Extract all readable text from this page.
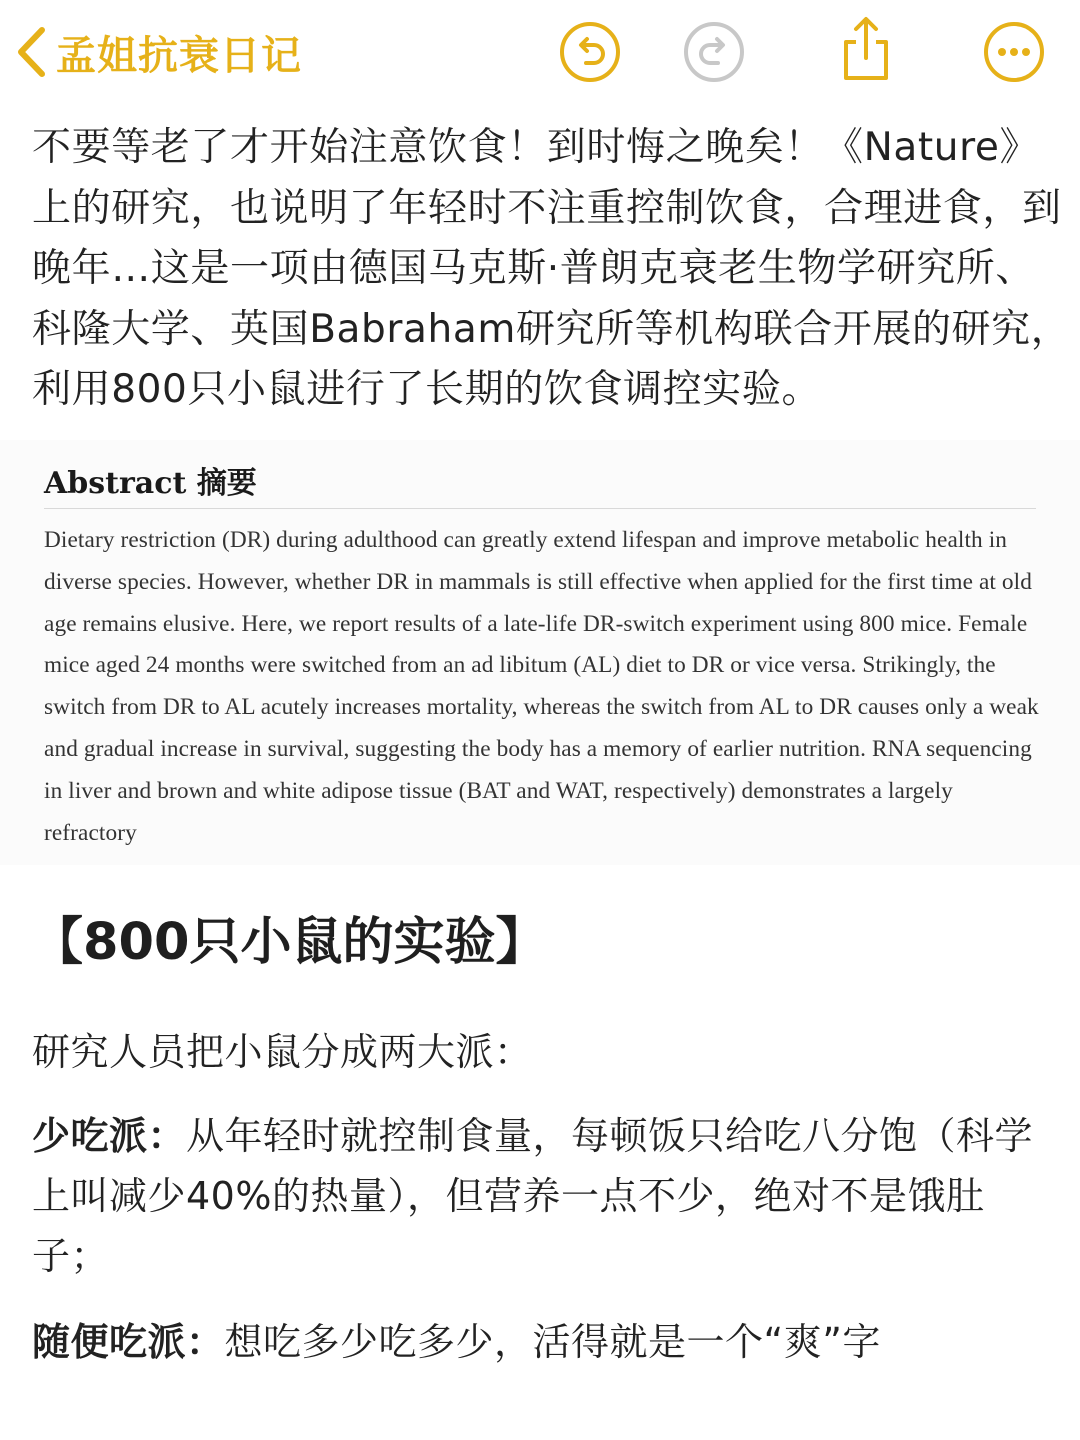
孟姐抗衰日记

不要等老了才开始注意饮食！到时悔之晚矣！《Nature》上的研究，也说明了年轻时不注重控制饮食，合理进食，到晚年…这是一项由德国马克斯·普朗克衰老生物学研究所、科隆大学、英国Babraham研究所等机构联合开展的研究，利用800只小鼠进行了长期的饮食调控实验。

Abstract 摘要

Dietary restriction (DR) during adulthood can greatly extend lifespan and improve metabolic health in diverse species. However, whether DR in mammals is still effective when applied for the first time at old age remains elusive. Here, we report results of a late-life DR-switch experiment using 800 mice. Female mice aged 24 months were switched from an ad libitum (AL) diet to DR or vice versa. Strikingly, the switch from DR to AL acutely increases mortality, whereas the switch from AL to DR causes only a weak and gradual increase in survival, suggesting the body has a memory of earlier nutrition. RNA sequencing in liver and brown and white adipose tissue (BAT and WAT, respectively) demonstrates a largely refractory

【800只小鼠的实验】

研究人员把小鼠分成两大派：

少吃派：从年轻时就控制食量，每顿饭只给吃八分饱（科学上叫减少40%的热量），但营养一点不少，绝对不是饿肚子；

随便吃派：想吃多少吃多少，活得就是一个“爽”字
